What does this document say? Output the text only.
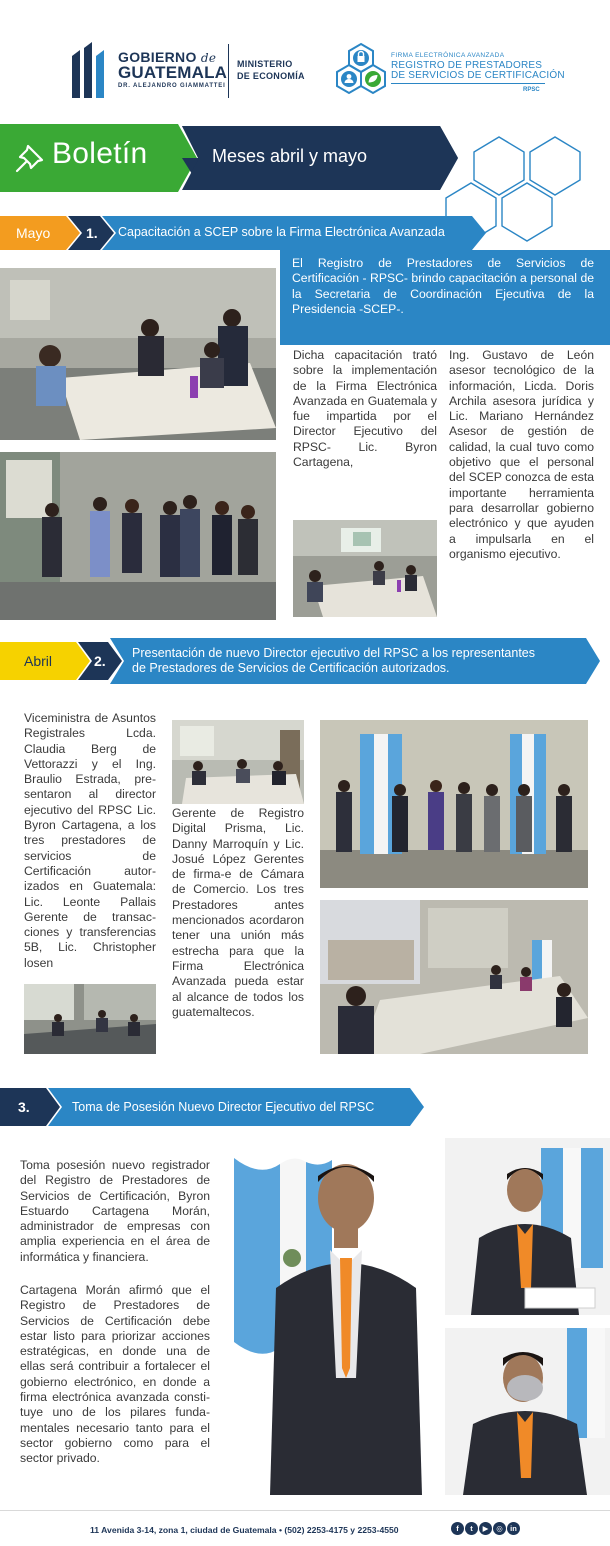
GOBIERNO de
GUATEMALA
DR. ALEJANDRO GIAMMATTEI
MINISTERIO
DE ECONOMÍA
FIRMA ELECTRÓNICA AVANZADA
REGISTRO DE PRESTADORES
DE SERVICIOS DE CERTIFICACIÓN
RPSC
Boletín	Meses abril y mayo
Mayo	1. Capacitación a SCEP sobre la Firma Electrónica Avanzada
El Registro de Prestadores de Servicios de Certificación - RPSC- brindo capacitación a personal de la Secretaria de Coordinación Ejecutiva de la Presidencia -SCEP-.
Dicha capacitación trató sobre la implementación de la Firma Electrónica Avanzada en Guatemala y fue impartida por el Director Ejecutivo del RPSC- Lic. Byron Cartagena,
Ing. Gustavo de León asesor tecnológico de la información, Licda. Doris Archila asesora jurídica y Lic. Mariano Hernández Asesor de gestión de calidad, la cual tuvo como objetivo que el personal del SCEP conozca de esta importante herramienta para desarrollar gobierno electrónico y que ayuden a impulsarla en el organismo ejecutivo.
Abril	2. Presentación de nuevo Director ejecutivo del RPSC a los representantes
de Prestadores de Servicios de Certificación autorizados.
Viceministra de Asuntos Registrales Lcda. Claudia Berg de Vettorazzi y el Ing. Braulio Estrada, presentaron al director ejecutivo del RPSC Lic. Byron Cartagena, a los tres prestadores de servicios de Certificación autorizados en Guatemala: Lic. Leonte Pallais Gerente de transacciones y transferencias 5B, Lic. Christopher losen
Gerente de Registro Digital Prisma, Lic. Danny Marroquín y Lic. Josué López Gerentes de firma-e de Cámara de Comercio. Los tres Prestadores antes mencionados acordaron tener una unión más estrecha para que la Firma Electrónica Avanzada pueda estar al alcance de todos los guatemaltecos.
3.	Toma de Posesión Nuevo Director Ejecutivo del RPSC
Toma posesión nuevo registrador del Registro de Prestadores de Servicios de Certificación, Byron Estuardo Cartagena Morán, administrador de empresas con amplia experiencia en el área de informática y financiera.
Cartagena Morán afirmó que el Registro de Prestadores de Servicios de Certificación debe estar listo para priorizar acciones estratégicas, en donde una de ellas será contribuir a fortalecer el gobierno electrónico, en donde a firma electrónica avanzada constituye uno de los pilares fundamentales necesario tanto para el sector gobierno como para el sector privado.
11 Avenida 3-14, zona 1, ciudad de Guatemala • (502) 2253-4175 y 2253-4550	f	t	▶	◎ in
